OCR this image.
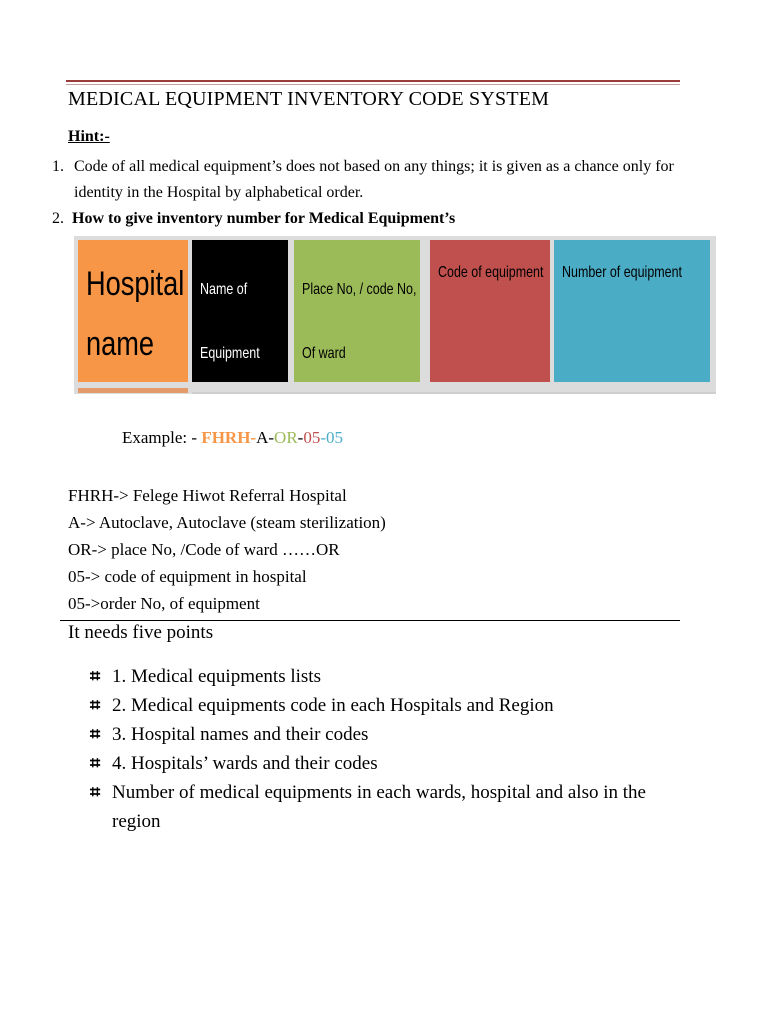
MEDICAL EQUIPMENT INVENTORY CODE SYSTEM
Hint:-
1. Code of all medical equipment’s does not based on any things; it is given as a chance only for identity in the Hospital by alphabetical order.
2. How to give inventory number for Medical Equipment’s
Hospital
name
Name of
Equipment
Place No, / code No,
Of ward
Code of equipment Number of equipment
Example: - FHRH-A-OR-05-05
FHRH-> Felege Hiwot Referral Hospital
A-> Autoclave, Autoclave (steam sterilization)
OR-> place No, /Code of ward ……OR
05-> code of equipment in hospital
05->order No, of equipment
It needs five points
⌗ 1. Medical equipments lists
⌗ 2. Medical equipments code in each Hospitals and Region
⌗ 3. Hospital names and their codes
⌗ 4. Hospitals’ wards and their codes
⌗ Number of medical equipments in each wards, hospital and also in the region
